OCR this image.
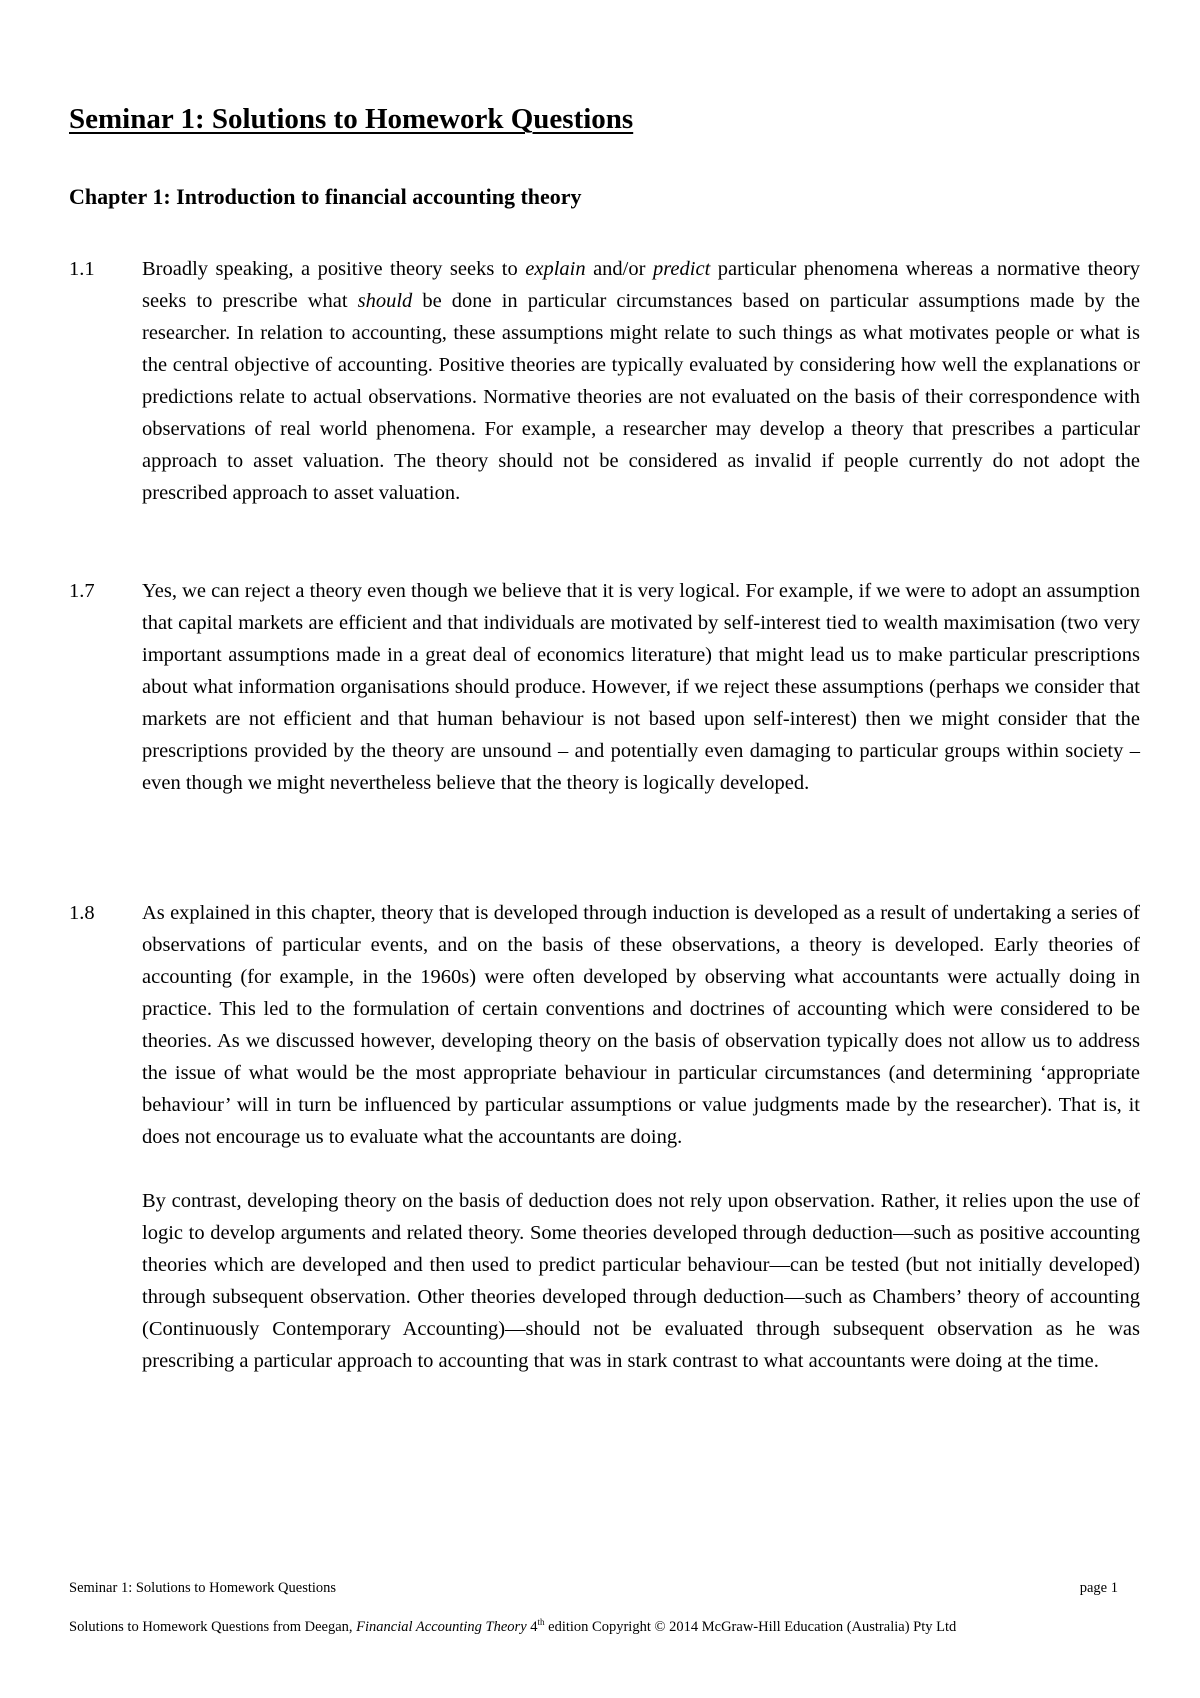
Seminar 1: Solutions to Homework Questions
Chapter 1: Introduction to financial accounting theory
1.1 Broadly speaking, a positive theory seeks to explain and/or predict particular phenomena whereas a normative theory seeks to prescribe what should be done in particular circumstances based on particular assumptions made by the researcher. In relation to accounting, these assumptions might relate to such things as what motivates people or what is the central objective of accounting. Positive theories are typically evaluated by considering how well the explanations or predictions relate to actual observations. Normative theories are not evaluated on the basis of their correspondence with observations of real world phenomena. For example, a researcher may develop a theory that prescribes a particular approach to asset valuation. The theory should not be considered as invalid if people currently do not adopt the prescribed approach to asset valuation.

1.7 Yes, we can reject a theory even though we believe that it is very logical. For example, if we were to adopt an assumption that capital markets are efficient and that individuals are motivated by self-interest tied to wealth maximisation (two very important assumptions made in a great deal of economics literature) that might lead us to make particular prescriptions about what information organisations should produce. However, if we reject these assumptions (perhaps we consider that markets are not efficient and that human behaviour is not based upon self-interest) then we might consider that the prescriptions provided by the theory are unsound – and potentially even damaging to particular groups within society – even though we might nevertheless believe that the theory is logically developed.

1.8 As explained in this chapter, theory that is developed through induction is developed as a result of undertaking a series of observations of particular events, and on the basis of these observations, a theory is developed. Early theories of accounting (for example, in the 1960s) were often developed by observing what accountants were actually doing in practice. This led to the formulation of certain conventions and doctrines of accounting which were considered to be theories. As we discussed however, developing theory on the basis of observation typically does not allow us to address the issue of what would be the most appropriate behaviour in particular circumstances (and determining ‘appropriate behaviour’ will in turn be influenced by particular assumptions or value judgments made by the researcher). That is, it does not encourage us to evaluate what the accountants are doing.

By contrast, developing theory on the basis of deduction does not rely upon observation. Rather, it relies upon the use of logic to develop arguments and related theory. Some theories developed through deduction—such as positive accounting theories which are developed and then used to predict particular behaviour—can be tested (but not initially developed) through subsequent observation. Other theories developed through deduction—such as Chambers’ theory of accounting (Continuously Contemporary Accounting)—should not be evaluated through subsequent observation as he was prescribing a particular approach to accounting that was in stark contrast to what accountants were doing at the time.

Seminar 1: Solutions to Homework Questions	page 1
Solutions to Homework Questions from Deegan, Financial Accounting Theory 4th edition Copyright © 2014 McGraw-Hill Education (Australia) Pty Ltd
